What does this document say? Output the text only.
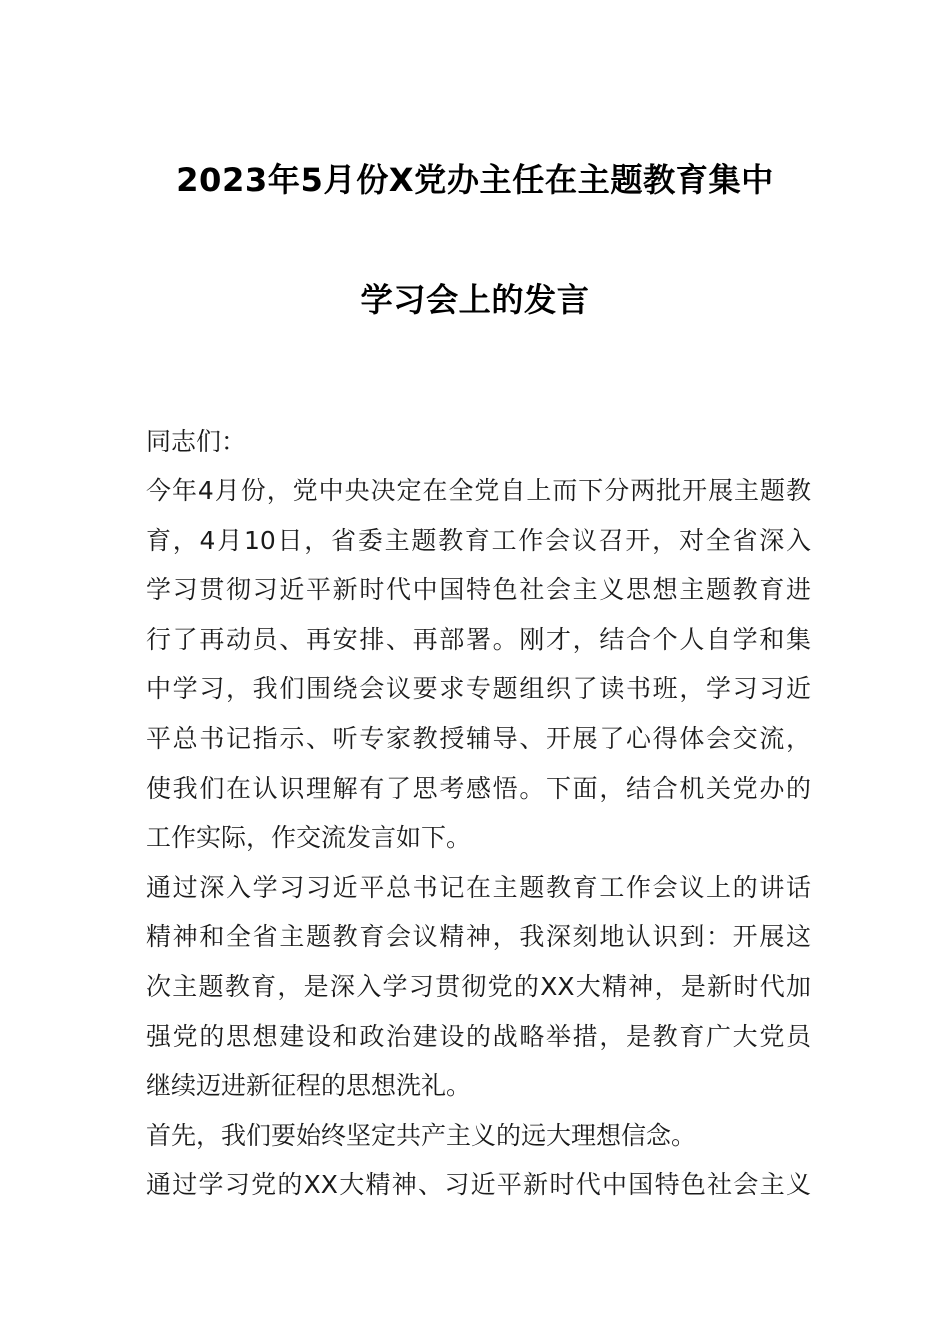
2023年5月份X党办主任在主题教育集中
学习会上的发言
同志们：
今年4月份，党中央决定在全党自上而下分两批开展主题教
育，4月10日，省委主题教育工作会议召开，对全省深入
学习贯彻习近平新时代中国特色社会主义思想主题教育进
行了再动员、再安排、再部署。刚才，结合个人自学和集
中学习，我们围绕会议要求专题组织了读书班，学习习近
平总书记指示、听专家教授辅导、开展了心得体会交流，
使我们在认识理解有了思考感悟。下面，结合机关党办的
工作实际，作交流发言如下。
通过深入学习习近平总书记在主题教育工作会议上的讲话
精神和全省主题教育会议精神，我深刻地认识到：开展这
次主题教育，是深入学习贯彻党的XX大精神，是新时代加
强党的思想建设和政治建设的战略举措，是教育广大党员
继续迈进新征程的思想洗礼。
首先，我们要始终坚定共产主义的远大理想信念。
通过学习党的XX大精神、习近平新时代中国特色社会主义
